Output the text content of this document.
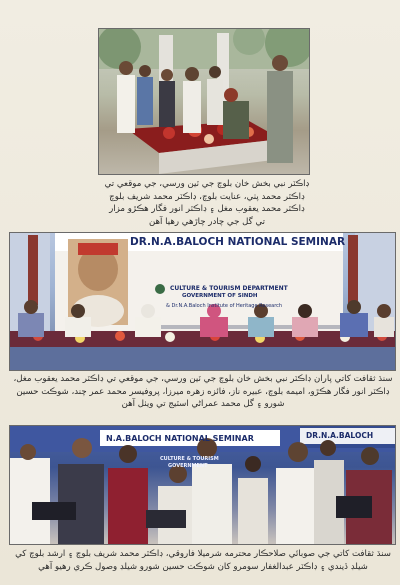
ڊاڪٽر نبي بخش خان بلوچ جي ٽين ورسي، جي موقعي تي ڊاڪٽر محمد پٺي، عنايت بلوچ، ڊاڪٽر محمد شريف بلوچ ڊاڪٽر محمد يعقوب مغل ۽ ڊاڪٽر انور فگار هڪڙو مزار تي گل جي چادر چاڙهي رهيا آهن
DR.N.A.BALOCH NATIONAL SEMINAR
CULTURE & TOURISM DEPARTMENT
GOVERNMENT OF SINDH
& Dr.N.A.Baloch Institute of Heritage Research
سنڌ ثقافت کاتي پاران ڊاڪٽر نبي بخش خان بلوچ جي ٽين ورسي، جي موقعي تي ڊاڪٽر محمد يعقوب مغل، ڊاڪٽر انور فگار هڪڙو، اميمه بلوچ، عبيره ناز، فائزه زهره ميرزا، پروفيسر محمد عمر چند، شوڪت حسين شورو ۽ گل محمد عمراڻي اسٽيج تي ويٺل آهن
N.A.BALOCH NATIONAL SEMINAR	DR.N.A.BALOCH
CULTURE & TOURISM
GOVERNMENT
سنڌ ثقافت کاتي جي صوبائي صلاحڪار محترمه شرميلا فاروقي، ڊاڪٽر محمد شريف بلوچ ۽ ارشد بلوچ کي شيلڊ ڏيندي ۽ ڊاڪٽر عبدالغفار سومرو کان شوڪت حسين شورو شيلڊ وصول ڪري رهيو آهي
